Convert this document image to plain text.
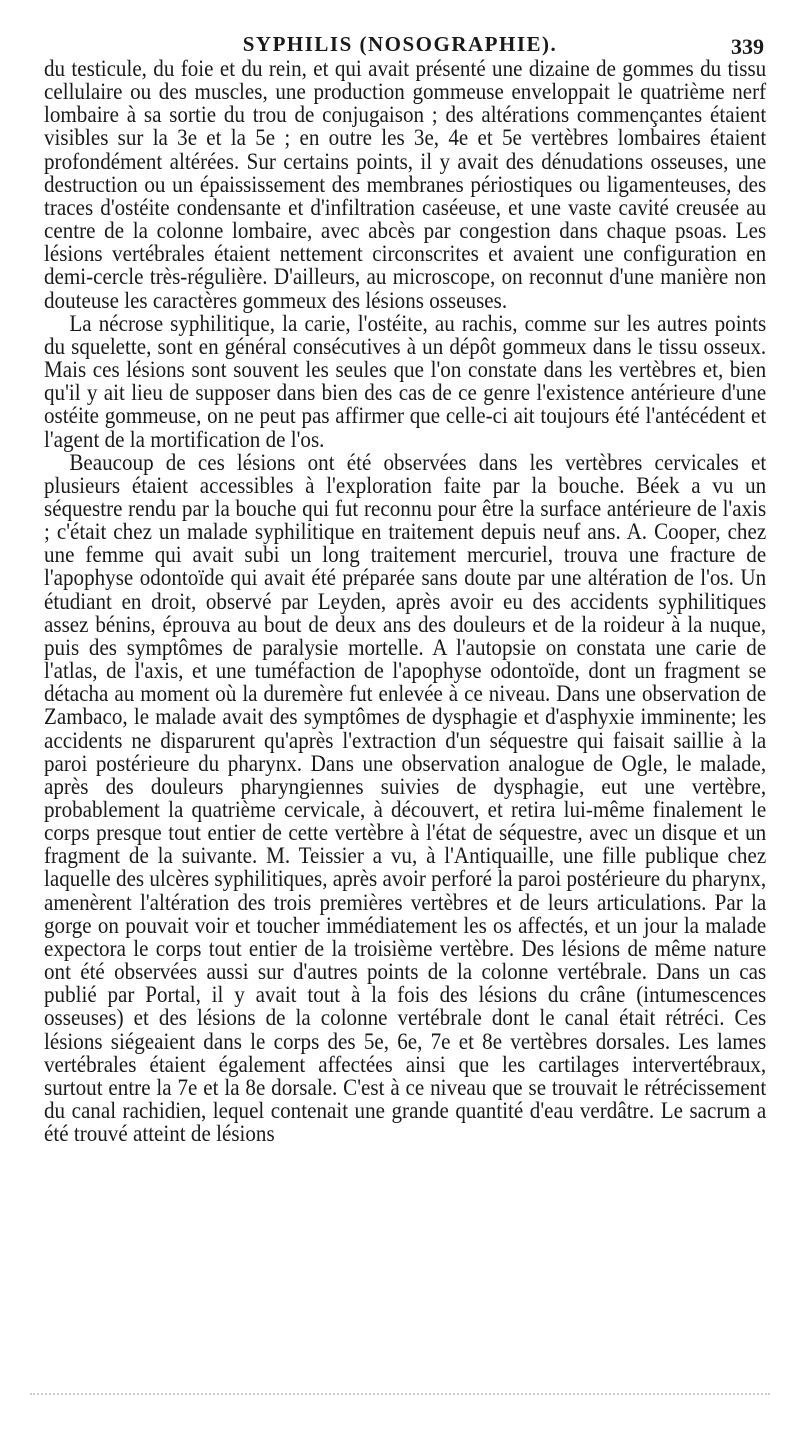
SYPHILIS (NOSOGRAPHIE).	339

du testicule, du foie et du rein, et qui avait présenté une dizaine de gommes du tissu cellulaire ou des muscles, une production gommeuse enveloppait le quatrième nerf lombaire à sa sortie du trou de conjugaison ; des altérations commençantes étaient visibles sur la 3e et la 5e ; en outre les 3e, 4e et 5e vertèbres lombaires étaient profondément altérées. Sur certains points, il y avait des dénudations osseuses, une destruction ou un épaississement des membranes périostiques ou ligamenteuses, des traces d'ostéite condensante et d'infiltration caséeuse, et une vaste cavité creusée au centre de la colonne lombaire, avec abcès par congestion dans chaque psoas. Les lésions vertébrales étaient nettement circonscrites et avaient une configuration en demi-cercle très-régulière. D'ailleurs, au microscope, on reconnut d'une manière non douteuse les caractères gommeux des lésions osseuses.

La nécrose syphilitique, la carie, l'ostéite, au rachis, comme sur les autres points du squelette, sont en général consécutives à un dépôt gommeux dans le tissu osseux. Mais ces lésions sont souvent les seules que l'on constate dans les vertèbres et, bien qu'il y ait lieu de supposer dans bien des cas de ce genre l'existence antérieure d'une ostéite gommeuse, on ne peut pas affirmer que celle-ci ait toujours été l'antécédent et l'agent de la mortification de l'os.

Beaucoup de ces lésions ont été observées dans les vertèbres cervicales et plusieurs étaient accessibles à l'exploration faite par la bouche. Béek a vu un séquestre rendu par la bouche qui fut reconnu pour être la surface antérieure de l'axis ; c'était chez un malade syphilitique en traitement depuis neuf ans. A. Cooper, chez une femme qui avait subi un long traitement mercuriel, trouva une fracture de l'apophyse odontoïde qui avait été préparée sans doute par une altération de l'os. Un étudiant en droit, observé par Leyden, après avoir eu des accidents syphilitiques assez bénins, éprouva au bout de deux ans des douleurs et de la roideur à la nuque, puis des symptômes de paralysie mortelle. A l'autopsie on constata une carie de l'atlas, de l'axis, et une tuméfaction de l'apophyse odontoïde, dont un fragment se détacha au moment où la duremère fut enlevée à ce niveau. Dans une observation de Zambaco, le malade avait des symptômes de dysphagie et d'asphyxie imminente; les accidents ne disparurent qu'après l'extraction d'un séquestre qui faisait saillie à la paroi postérieure du pharynx. Dans une observation analogue de Ogle, le malade, après des douleurs pharyngiennes suivies de dysphagie, eut une vertèbre, probablement la quatrième cervicale, à découvert, et retira lui-même finalement le corps presque tout entier de cette vertèbre à l'état de séquestre, avec un disque et un fragment de la suivante. M. Teissier a vu, à l'Antiquaille, une fille publique chez laquelle des ulcères syphilitiques, après avoir perforé la paroi postérieure du pharynx, amenèrent l'altération des trois premières vertèbres et de leurs articulations. Par la gorge on pouvait voir et toucher immédiatement les os affectés, et un jour la malade expectora le corps tout entier de la troisième vertèbre. Des lésions de même nature ont été observées aussi sur d'autres points de la colonne vertébrale. Dans un cas publié par Portal, il y avait tout à la fois des lésions du crâne (intumescences osseuses) et des lésions de la colonne vertébrale dont le canal était rétréci. Ces lésions siégeaient dans le corps des 5e, 6e, 7e et 8e vertèbres dorsales. Les lames vertébrales étaient également affectées ainsi que les cartilages intervertébraux, surtout entre la 7e et la 8e dorsale. C'est à ce niveau que se trouvait le rétrécissement du canal rachidien, lequel contenait une grande quantité d'eau verdâtre. Le sacrum a été trouvé atteint de lésions
